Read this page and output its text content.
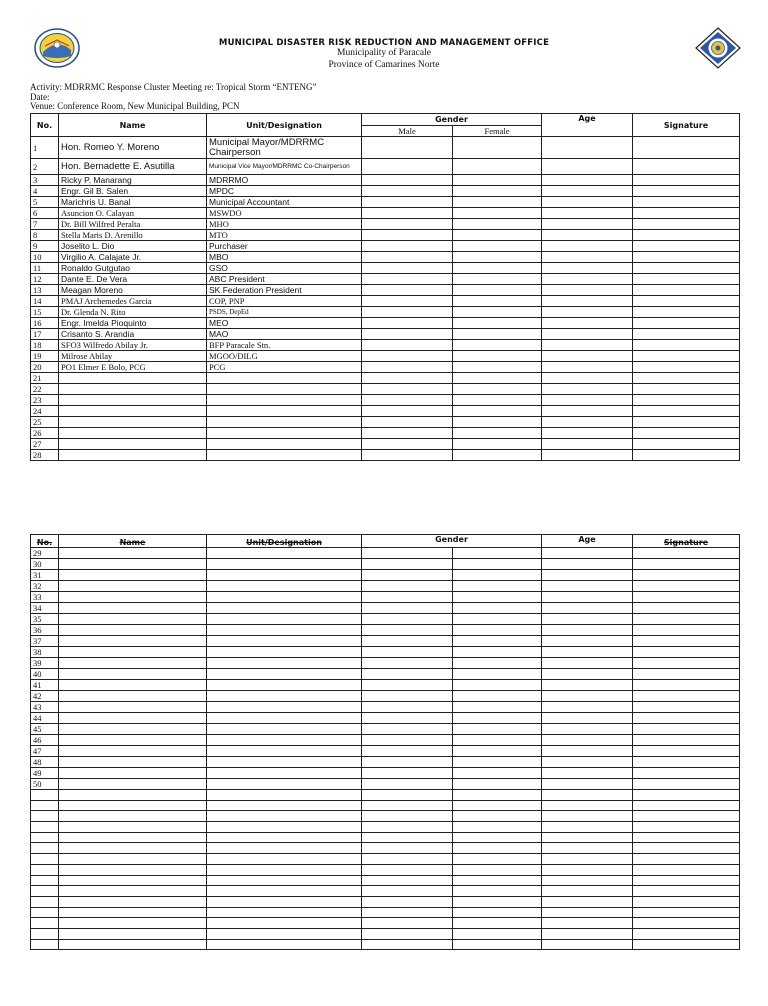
MUNICIPAL DISASTER RISK REDUCTION AND MANAGEMENT OFFICE
Municipality of Paracale
Province of Camarines Norte
Activity: MDRRMC Response Cluster Meeting re: Tropical Storm “ENTENG”
Date:
Venue: Conference Room, New Municipal Building, PCN
No.	Name	Unit/Designation	Gender		Age	Signature
			Male	Female		
1	Hon. Romeo Y. Moreno	Municipal Mayor/MDRRMC Chairperson				
2	Hon. Bernadette E. Asutilla	Municipal Vice Mayor/MDRRMC Co-Chairperson				
3	Ricky P. Manarang	MDRRMO				
4	Engr. Gil B. Salen	MPDC				
5	Marichris U. Banal	Municipal Accountant				
6	Asuncion O. Calayan	MSWDO				
7	Dr. Bill Wilfred Peralta	MHO				
8	Stella Maris D. Arenillo	MTO				
9	Joselito L. Dio	Purchaser				
10	Virgilio A. Calajate Jr.	MBO				
11	Ronaldo Gutgutao	GSO				
12	Dante E. De Vera	ABC President				
13	Meagan Moreno	SK Federation President				
14	PMAJ Archemedes Garcia	COP, PNP				
15	Dr. Glenda N. Rito	PSDS, DepEd				
16	Engr. Imelda Pioquinto	MEO				
17	Crisanto S. Arandia	MAO				
18	SFO3 Wilfredo Abilay Jr.	BFP Paracale Stn.				
19	Milrose Abilay	MGOO/DILG				
20	PO1 Elmer E Bolo, PCG	PCG				
21						
22						
23						
24						
25						
26						
27						
28						
No.	Name	Unit/Designation	Gender		Age	Signature
29						
30						
31						
32						
33						
34						
35						
36						
37						
38						
39						
40						
41						
42						
43						
44						
45						
46						
47						
48						
49						
50						
